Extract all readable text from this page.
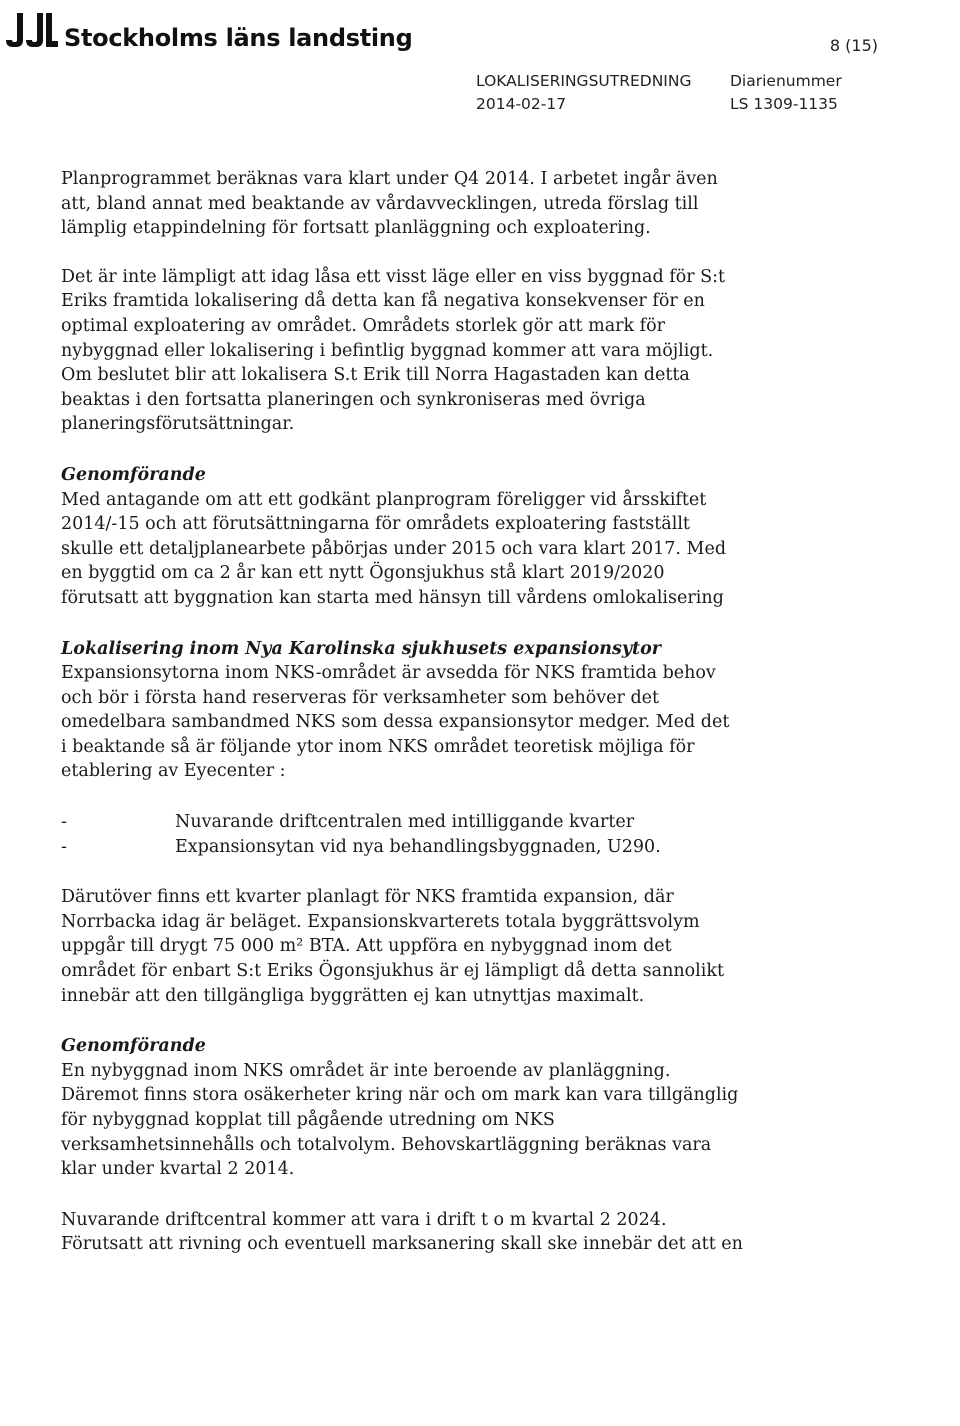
Stockholms läns landsting	8 (15)
LOKALISERINGSUTREDNING
2014-02-17
Diarienummer
LS 1309-1135

Planprogrammet beräknas vara klart under Q4 2014. I arbetet ingår även
att, bland annat med beaktande av vårdavvecklingen, utreda förslag till
lämplig etappindelning för fortsatt planläggning och exploatering.

Det är inte lämpligt att idag låsa ett visst läge eller en viss byggnad för S:t
Eriks framtida lokalisering då detta kan få negativa konsekvenser för en
optimal exploatering av området. Områdets storlek gör att mark för
nybyggnad eller lokalisering i befintlig byggnad kommer att vara möjligt.
Om beslutet blir att lokalisera S.t Erik till Norra Hagastaden kan detta
beaktas i den fortsatta planeringen och synkroniseras med övriga
planeringsförutsättningar.

Genomförande

Med antagande om att ett godkänt planprogram föreligger vid årsskiftet
2014/-15 och att förutsättningarna för områdets exploatering fastställt
skulle ett detaljplanearbete påbörjas under 2015 och vara klart 2017. Med
en byggtid om ca 2 år kan ett nytt Ögonsjukhus stå klart 2019/2020
förutsatt att byggnation kan starta med hänsyn till vårdens omlokalisering

Lokalisering inom Nya Karolinska sjukhusets expansionsytor

Expansionsytorna inom NKS-området är avsedda för NKS framtida behov
och bör i första hand reserveras för verksamheter som behöver det
omedelbara sambandmed NKS som dessa expansionsytor medger. Med det
i beaktande så är följande ytor inom NKS området teoretisk möjliga för
etablering av Eyecenter :

-	Nuvarande driftcentralen med intilliggande kvarter
-	Expansionsytan vid nya behandlingsbyggnaden, U290.

Därutöver finns ett kvarter planlagt för NKS framtida expansion, där
Norrbacka idag är beläget. Expansionskvarterets totala byggrättsvolym
uppgår till drygt 75 000 m² BTA. Att uppföra en nybyggnad inom det
området för enbart S:t Eriks Ögonsjukhus är ej lämpligt då detta sannolikt
innebär att den tillgängliga byggrätten ej kan utnyttjas maximalt.

Genomförande

En nybyggnad inom NKS området är inte beroende av planläggning.
Däremot finns stora osäkerheter kring när och om mark kan vara tillgänglig
för nybyggnad kopplat till pågående utredning om NKS
verksamhetsinnehålls och totalvolym. Behovskartläggning beräknas vara
klar under kvartal 2 2014.

Nuvarande driftcentral kommer att vara i drift t o m kvartal 2 2024.
Förutsatt att rivning och eventuell marksanering skall ske innebär det att en
